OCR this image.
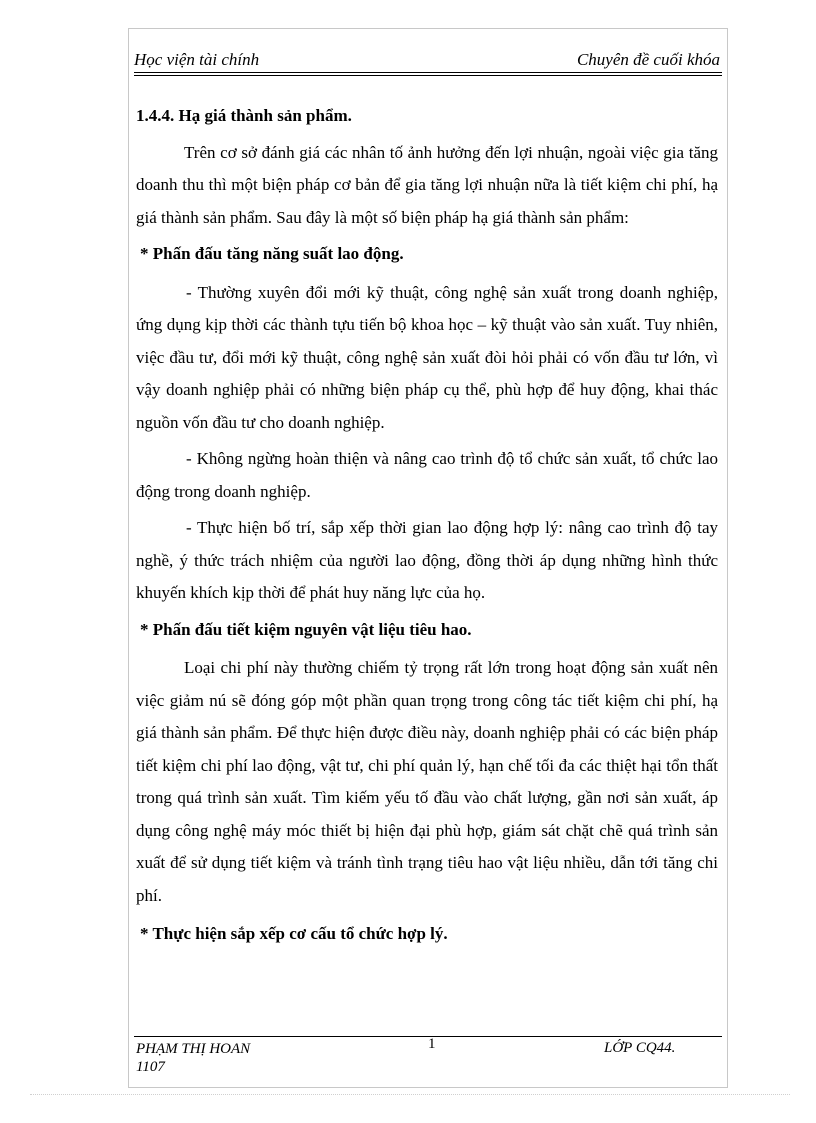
Học viện tài chính	Chuyên đề cuối khóa

1.4.4. Hạ giá thành sản phẩm.

Trên cơ sở đánh giá các nhân tố ảnh hưởng đến lợi nhuận, ngoài việc gia tăng doanh thu thì một biện pháp cơ bản để gia tăng lợi nhuận nữa là tiết kiệm chi phí, hạ giá thành sản phẩm. Sau đây là một số biện pháp hạ giá thành sản phẩm:

* Phấn đấu tăng năng suất lao động.

- Thường xuyên đổi mới kỹ thuật, công nghệ sản xuất trong doanh nghiệp, ứng dụng kịp thời các thành tựu tiến bộ khoa học – kỹ thuật vào sản xuất. Tuy nhiên, việc đầu tư, đổi mới kỹ thuật, công nghệ sản xuất đòi hỏi phải có vốn đầu tư lớn, vì vậy doanh nghiệp phải có những biện pháp cụ thể, phù hợp để huy động, khai thác nguồn vốn đầu tư cho doanh nghiệp.

- Không ngừng hoàn thiện và nâng cao trình độ tổ chức sản xuất, tổ chức lao động trong doanh nghiệp.

- Thực hiện bố trí, sắp xếp thời gian lao động hợp lý: nâng cao trình độ tay nghề, ý thức trách nhiệm của người lao động, đồng thời áp dụng những hình thức khuyến khích kịp thời để phát huy năng lực của họ.

* Phấn đấu tiết kiệm nguyên vật liệu tiêu hao.

Loại chi phí này thường chiếm tỷ trọng rất lớn trong hoạt động sản xuất nên việc giảm nú sẽ đóng góp một phần quan trọng trong công tác tiết kiệm chi phí, hạ giá thành sản phẩm. Để thực hiện được điều này, doanh nghiệp phải có các biện pháp tiết kiệm chi phí lao động, vật tư, chi phí quản lý, hạn chế tối đa các thiệt hại tổn thất trong quá trình sản xuất. Tìm kiếm yếu tố đầu vào chất lượng, gần nơi sản xuất, áp dụng công nghệ máy móc thiết bị hiện đại phù hợp, giám sát chặt chẽ quá trình sản xuất để sử dụng tiết kiệm và tránh tình trạng tiêu hao vật liệu nhiều, dẫn tới tăng chi phí.

* Thực hiện sắp xếp cơ cấu tổ chức hợp lý.

PHẠM THỊ HOAN
1107
1	LỚP CQ44.
